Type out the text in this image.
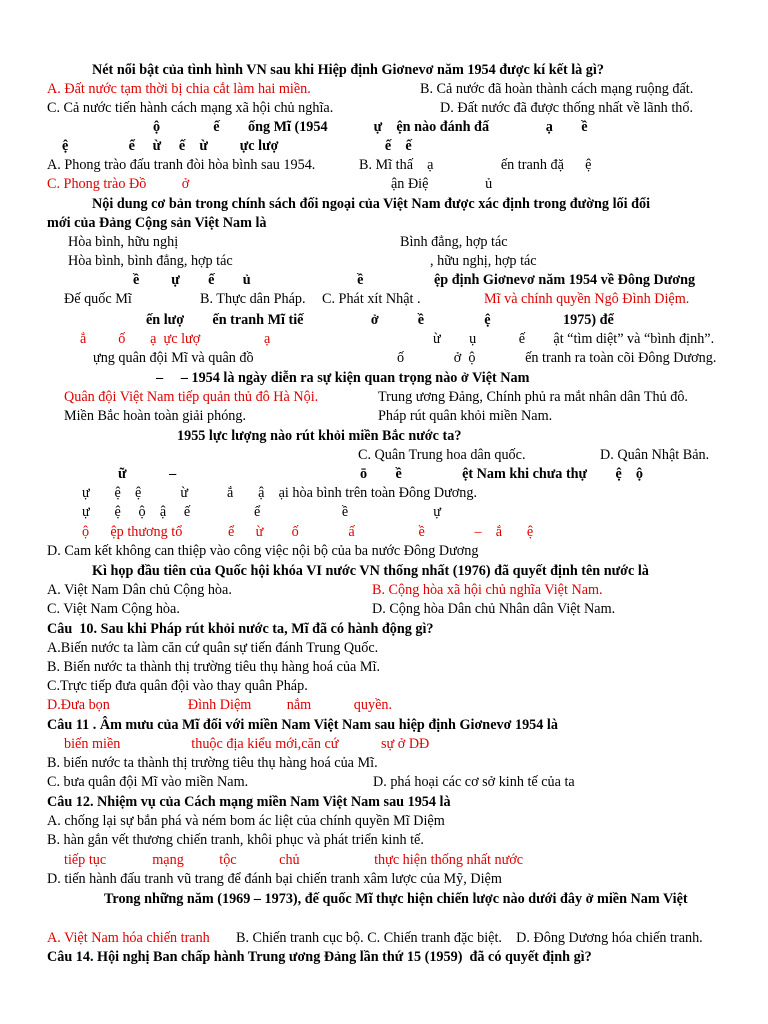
Nét nổi bật của tình hình VN sau khi Hiệp định Giơnevơ năm 1954 được kí kết là gì?
A. Đất nước tạm thời bị chia cắt làm hai miền.	B. Cả nước đã hoàn thành cách mạng ruộng đất.
C. Cả nước tiến hành cách mạng xã hội chủ nghĩa.	D. Đất nước đã được thống nhất về lãnh thổ.
ộ               ế        ống Mĩ (1954             ự    ện nào đánh đấ                ạ        ề
ệ                 ể     ừ     ế    ừ         ực lượ                              ế    ế
A. Phong trào đấu tranh đòi hòa bình sau 1954.	B. Mĩ thấ    ạ                   ến tranh đặ      ệ
C. Phong trào Đồ          ở	ận Điệ                ủ
Nội dung cơ bản trong chính sách đối ngoại của Việt Nam được xác định trong đường lối đổi
mới của Đảng Cộng sản Việt Nam là
Hòa bình, hữu nghị	Bình đẳng, hợp tác
Hòa bình, bình đẳng, hợp tác	, hữu nghị, hợp tác
ề         ự        ế        ủ                              ề	ệp định Giơnevơ năm 1954 về Đông Dương
Đế quốc Mĩ	B. Thực dân Pháp. C. Phát xít Nhật .	Mĩ và chính quyền Ngô Đình Diệm.
ến lượ        ến tranh Mĩ tiế                   ở           ề                 ệ	1975) để
ẳ         ố       ạ  ực lượ                  ạ	ừ        ụ            ế        ật “tìm diệt” và “bình định”.
ựng quân đội Mĩ và quân đồ	ố              ở  ộ              ến tranh ra toàn cõi Đông Dương.
–     – 1954 là ngày diễn ra sự kiện quan trọng nào ở Việt Nam
Quân đội Việt Nam tiếp quản thủ đô Hà Nội.	Trung ương Đảng, Chính phủ ra mắt nhân dân Thủ đô.
Miền Bắc hoàn toàn giải phóng.	Pháp rút quân khỏi miền Nam.
1955 lực lượng nào rút khỏi miền Bắc nước ta?
C. Quân Trung hoa dân quốc.	D. Quân Nhật Bản.
ữ            –	ō        ề                 ệt Nam khi chưa thự        ệ    ộ
ự       ệ    ệ           ừ           ắ       ậ    ại hòa bình trên toàn Đông Dương.
ự       ệ     ộ    ậ     ế                  ể                       ề                        ự
ộ      ệp thương tổ	ể      ừ        ố              ấ                  ề              –    ắ       ệ
D. Cam kết không can thiệp vào công việc nội bộ của ba nước Đông Dương
Kì họp đầu tiên của Quốc hội khóa VI nước VN thống nhất (1976) đã quyết định tên nước là
A. Việt Nam Dân chủ Cộng hòa.	B. Cộng hòa xã hội chủ nghĩa Việt Nam.
C. Việt Nam Cộng hòa.	D. Cộng hòa Dân chủ Nhân dân Việt Nam.
Câu  10. Sau khi Pháp rút khỏi nước ta, Mĩ đã có hành động gì?
A.Biến nước ta làm căn cứ quân sự tiến đánh Trung Quốc.
B. Biến nước ta thành thị trường tiêu thụ hàng hoá của Mĩ.
C.Trực tiếp đưa quân đội vào thay quân Pháp.
D.Đưa bọn                      Đình Diệm          nắm            quyền.
Câu 11 . Âm mưu của Mĩ đối với miền Nam Việt Nam sau hiệp định Giơnevơ 1954 là
biến miền                    thuộc địa kiểu mới,căn cứ            sự ở DĐ
B. biến nước ta thành thị trường tiêu thụ hàng hoá của Mĩ.
C. bưa quân đội Mĩ vào miền Nam.	D. phá hoại các cơ sở kinh tế của ta
Câu 12. Nhiệm vụ của Cách mạng miền Nam Việt Nam sau 1954 là
A. chống lại sự bắn phá và ném bom ác liệt của chính quyền Mĩ Diệm
B. hàn gắn vết thương chiến tranh, khôi phục và phát triển kinh tế.
tiếp tục             mạng          tộc            chủ                     thực hiện thống nhất nước
D. tiến hành đấu tranh vũ trang để đánh bại chiến tranh xâm lược của Mỹ, Diệm
Trong những năm (1969 – 1973), đế quốc Mĩ thực hiện chiến lược nào dưới đây ở miền Nam Việt
A. Việt Nam hóa chiến tranh B. Chiến tranh cục bộ. C. Chiến tranh đặc biệt.    D. Đông Dương hóa chiến tranh.
Câu 14. Hội nghị Ban chấp hành Trung ương Đảng lần thứ 15 (1959)  đã có quyết định gì?
